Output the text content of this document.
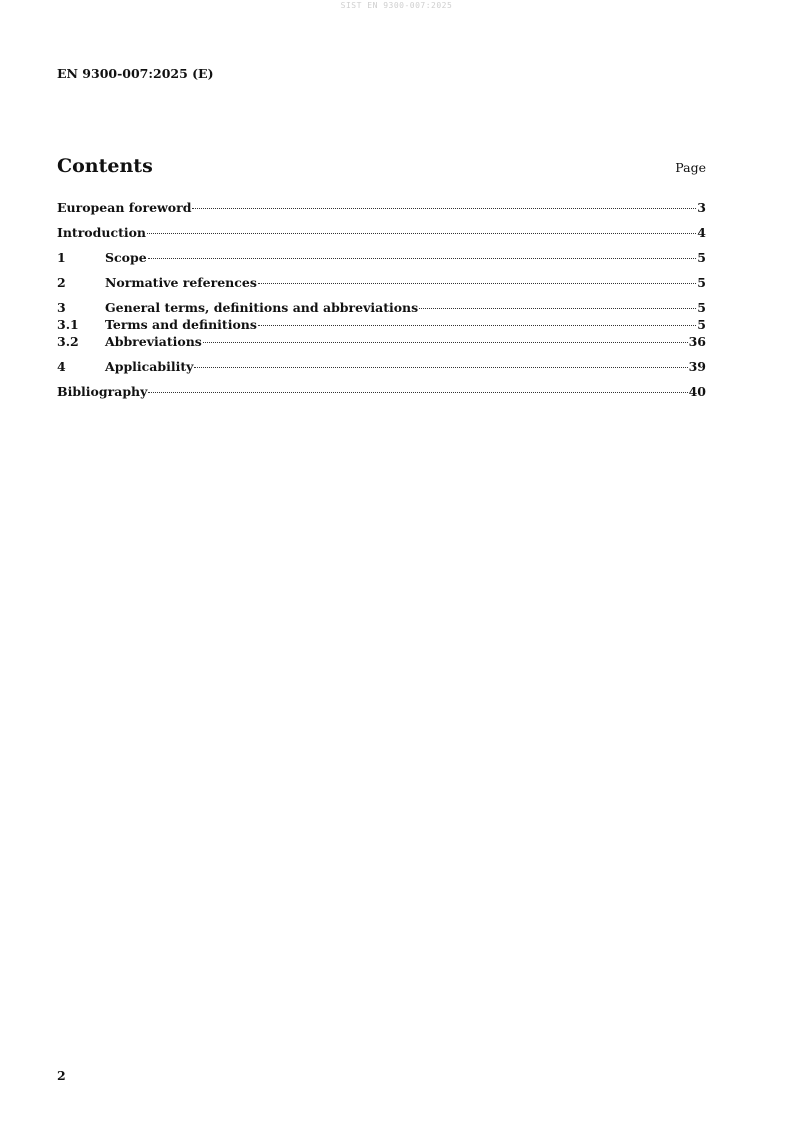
SIST EN 9300-007:2025
EN 9300-007:2025 (E)
Contents	Page
European foreword	3
Introduction	4
1	Scope	5
2	Normative references	5
3	General terms, definitions and abbreviations	5
3.1	Terms and definitions	5
3.2	Abbreviations	36
4	Applicability	39
Bibliography	40
2
